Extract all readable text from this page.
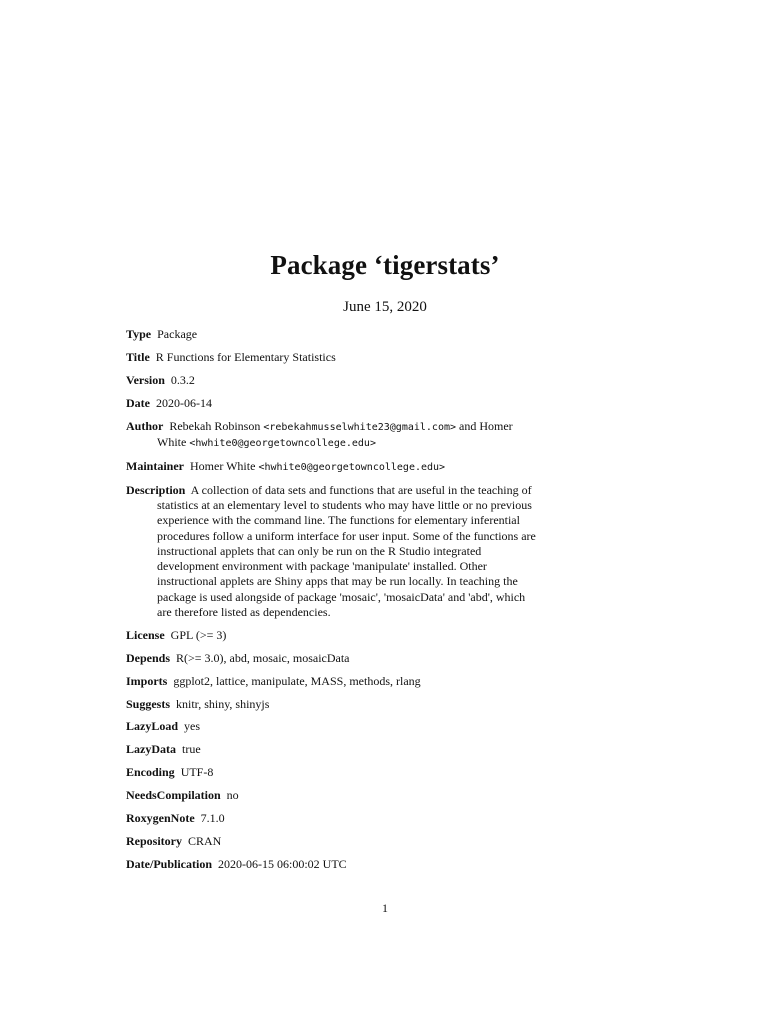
Package ‘tigerstats’
June 15, 2020
Type Package
Title R Functions for Elementary Statistics
Version 0.3.2
Date 2020-06-14
Author Rebekah Robinson <rebekahmusselwhite23@gmail.com> and Homer White <hwhite0@georgetowncollege.edu>
Maintainer Homer White <hwhite0@georgetowncollege.edu>
Description A collection of data sets and functions that are useful in the teaching of statistics at an elementary level to students who may have little or no previous experience with the command line. The functions for elementary inferential procedures follow a uniform interface for user input. Some of the functions are instructional applets that can only be run on the R Studio integrated development environment with package 'manipulate' installed. Other instructional applets are Shiny apps that may be run locally. In teaching the package is used alongside of package 'mosaic', 'mosaicData' and 'abd', which are therefore listed as dependencies.
License GPL (>= 3)
Depends R(>= 3.0), abd, mosaic, mosaicData
Imports ggplot2, lattice, manipulate, MASS, methods, rlang
Suggests knitr, shiny, shinyjs
LazyLoad yes
LazyData true
Encoding UTF-8
NeedsCompilation no
RoxygenNote 7.1.0
Repository CRAN
Date/Publication 2020-06-15 06:00:02 UTC
1
